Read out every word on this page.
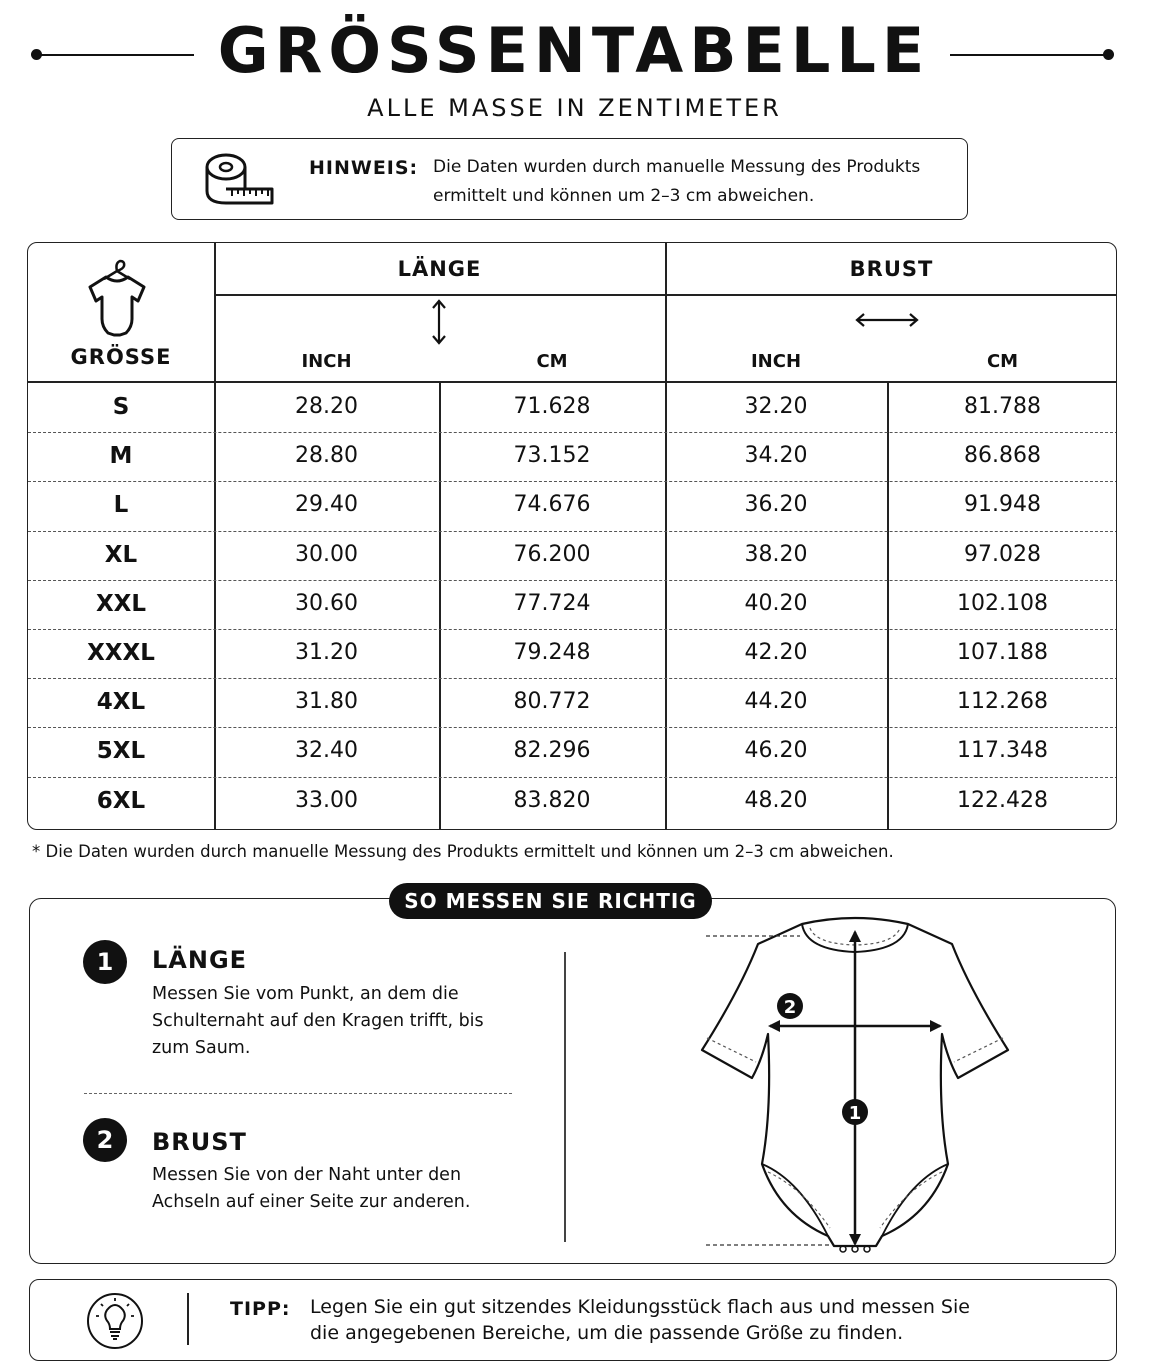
GRÖSSENTABELLE
ALLE MASSE IN ZENTIMETER
HINWEIS: Die Daten wurden durch manuelle Messung des Produkts
ermittelt und können um 2–3 cm abweichen.
GRÖSSE
LÄNGE	BRUST
INCH	CM	INCH	CM
S	28.20	71.628	32.20	81.788
M	28.80	73.152	34.20	86.868
L	29.40	74.676	36.20	91.948
XL	30.00	76.200	38.20	97.028
XXL	30.60	77.724	40.20	102.108
XXXL	31.20	79.248	42.20	107.188
4XL	31.80	80.772	44.20	112.268
5XL	32.40	82.296	46.20	117.348
6XL	33.00	83.820	48.20	122.428
* Die Daten wurden durch manuelle Messung des Produkts ermittelt und können um 2–3 cm abweichen.
SO MESSEN SIE RICHTIG
1	LÄNGE
Messen Sie vom Punkt, an dem die
Schulternaht auf den Kragen trifft, bis
zum Saum.
2	BRUST
Messen Sie von der Naht unter den
Achseln auf einer Seite zur anderen.
2
1
TIPP: Legen Sie ein gut sitzendes Kleidungsstück flach aus und messen Sie
die angegebenen Bereiche, um die passende Größe zu finden.
